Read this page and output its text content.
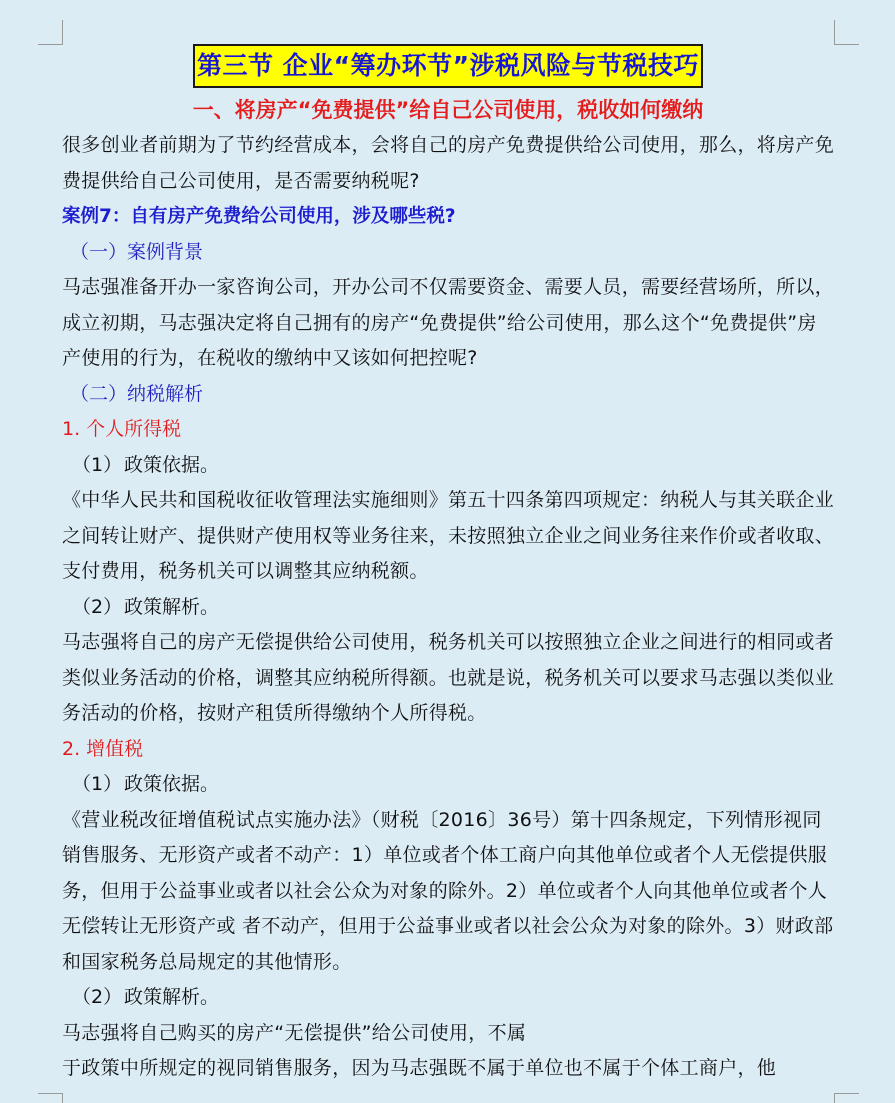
第三节 企业“筹办环节”涉税风险与节税技巧
一、将房产“免费提供”给自己公司使用，税收如何缴纳

很多创业者前期为了节约经营成本，会将自己的房产免费提供给公司使用，那么，将房产免费提供给自己公司使用，是否需要纳税呢?

案例7：自有房产免费给公司使用，涉及哪些税?
（一）案例背景

马志强准备开办一家咨询公司，开办公司不仅需要资金、需要人员，需要经营场所，所以，成立初期，马志强决定将自己拥有的房产“免费提供”给公司使用，那么这个“免费提供”房产使用的行为，在税收的缴纳中又该如何把控呢?

（二）纳税解析
1. 个人所得税
（1） 政策依据。

《中华人民共和国税收征收管理法实施细则》第五十四条第四项规定：纳税人与其关联企业之间转让财产、提供财产使用权等业务往来，未按照独立企业之间业务往来作价或者收取、支付费用，税务机关可以调整其应纳税额。

（2） 政策解析。

马志强将自己的房产无偿提供给公司使用，税务机关可以按照独立企业之间进行的相同或者类似业务活动的价格，调整其应纳税所得额。也就是说，税务机关可以要求马志强以类似业务活动的价格，按财产租赁所得缴纳个人所得税。

2. 增值税
（1） 政策依据。

《营业税改征增值税试点实施办法》（财税〔2016〕36号）第十四条规定，下列情形视同销售服务、无形资产或者不动产：1）单位或者个体工商户向其他单位或者个人无偿提供服务，但用于公益事业或者以社会公众为对象的除外。2）单位或者个人向其他单位或者个人无偿转让无形资产或 者不动产，但用于公益事业或者以社会公众为对象的除外。3）财政部和国家税务总局规定的其他情形。

（2） 政策解析。

马志强将自己购买的房产“无偿提供”给公司使用，不属

于政策中所规定的视同销售服务，因为马志强既不属于单位也不属于个体工商户，他
